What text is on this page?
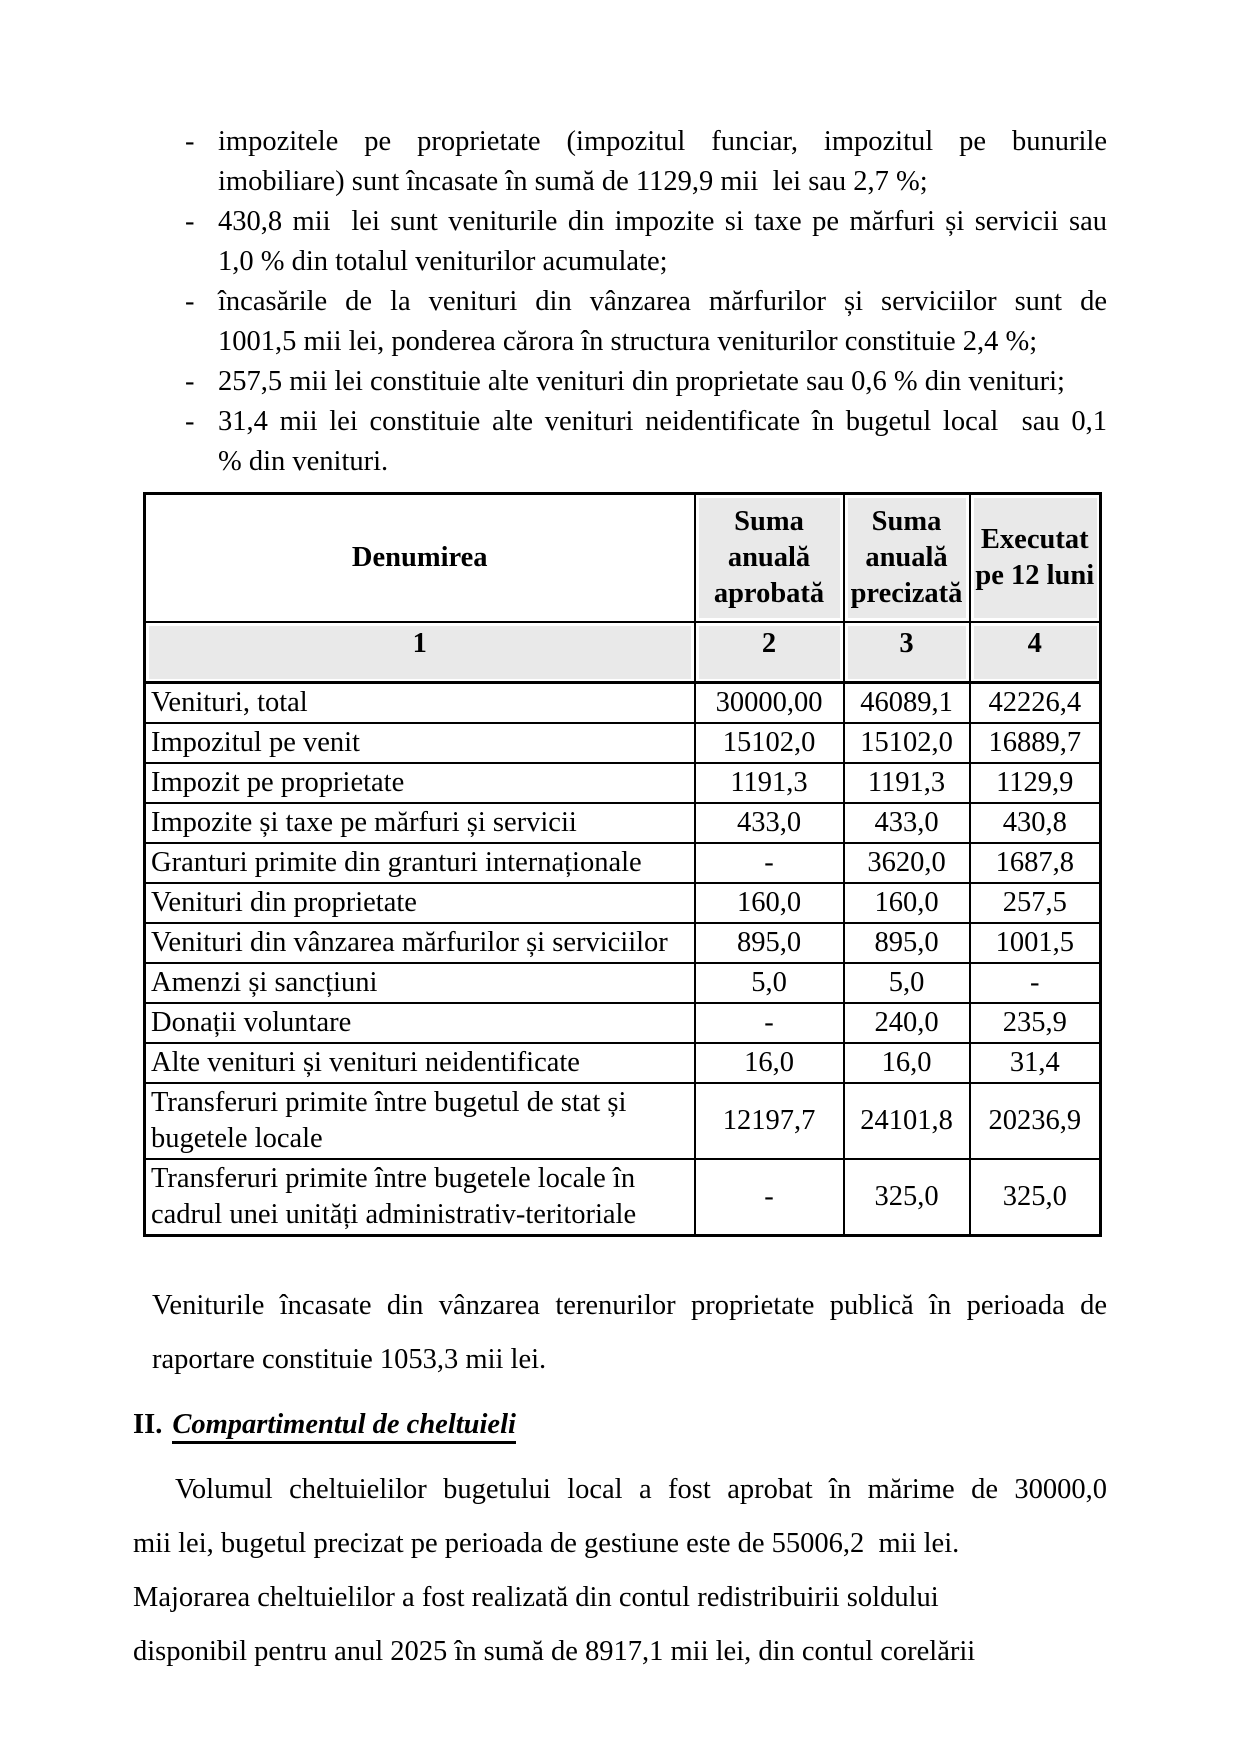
- impozitele pe proprietate (impozitul funciar, impozitul pe bunurile
imobiliare) sunt încasate în sumă de 1129,9 mii  lei sau 2,7 %;
- 430,8 mii  lei sunt veniturile din impozite si taxe pe mărfuri și servicii sau
1,0 % din totalul veniturilor acumulate;
- încasările de la venituri din vânzarea mărfurilor și serviciilor sunt de
1001,5 mii lei, ponderea cărora în structura veniturilor constituie 2,4 %;
- 257,5 mii lei constituie alte venituri din proprietate sau 0,6 % din venituri;
- 31,4 mii lei constituie alte venituri neidentificate în bugetul local  sau 0,1
% din venituri.
Denumirea	Suma anuală aprobată	Suma anuală precizată	Executat pe 12 luni
1	2	3	4
Venituri, total	30000,00	46089,1	42226,4
Impozitul pe venit	15102,0	15102,0	16889,7
Impozit pe proprietate	1191,3	1191,3	1129,9
Impozite și taxe pe mărfuri și servicii	433,0	433,0	430,8
Granturi primite din granturi internaționale	-	3620,0	1687,8
Venituri din proprietate	160,0	160,0	257,5
Venituri din vânzarea mărfurilor și serviciilor	895,0	895,0	1001,5
Amenzi și sancțiuni	5,0	5,0	-
Donații voluntare	-	240,0	235,9
Alte venituri și venituri neidentificate	16,0	16,0	31,4
Transferuri primite între bugetul de stat și bugetele locale	12197,7	24101,8	20236,9
Transferuri primite între bugetele locale în cadrul unei unități administrativ-teritoriale	-	325,0	325,0
Veniturile încasate din vânzarea terenurilor proprietate publică în perioada de
raportare constituie 1053,3 mii lei.
II. Compartimentul de cheltuieli
Volumul cheltuielilor bugetului local a fost aprobat în mărime de 30000,0
mii lei, bugetul precizat pe perioada de gestiune este de 55006,2  mii lei.
Majorarea cheltuielilor a fost realizată din contul redistribuirii soldului
disponibil pentru anul 2025 în sumă de 8917,1 mii lei, din contul corelării
